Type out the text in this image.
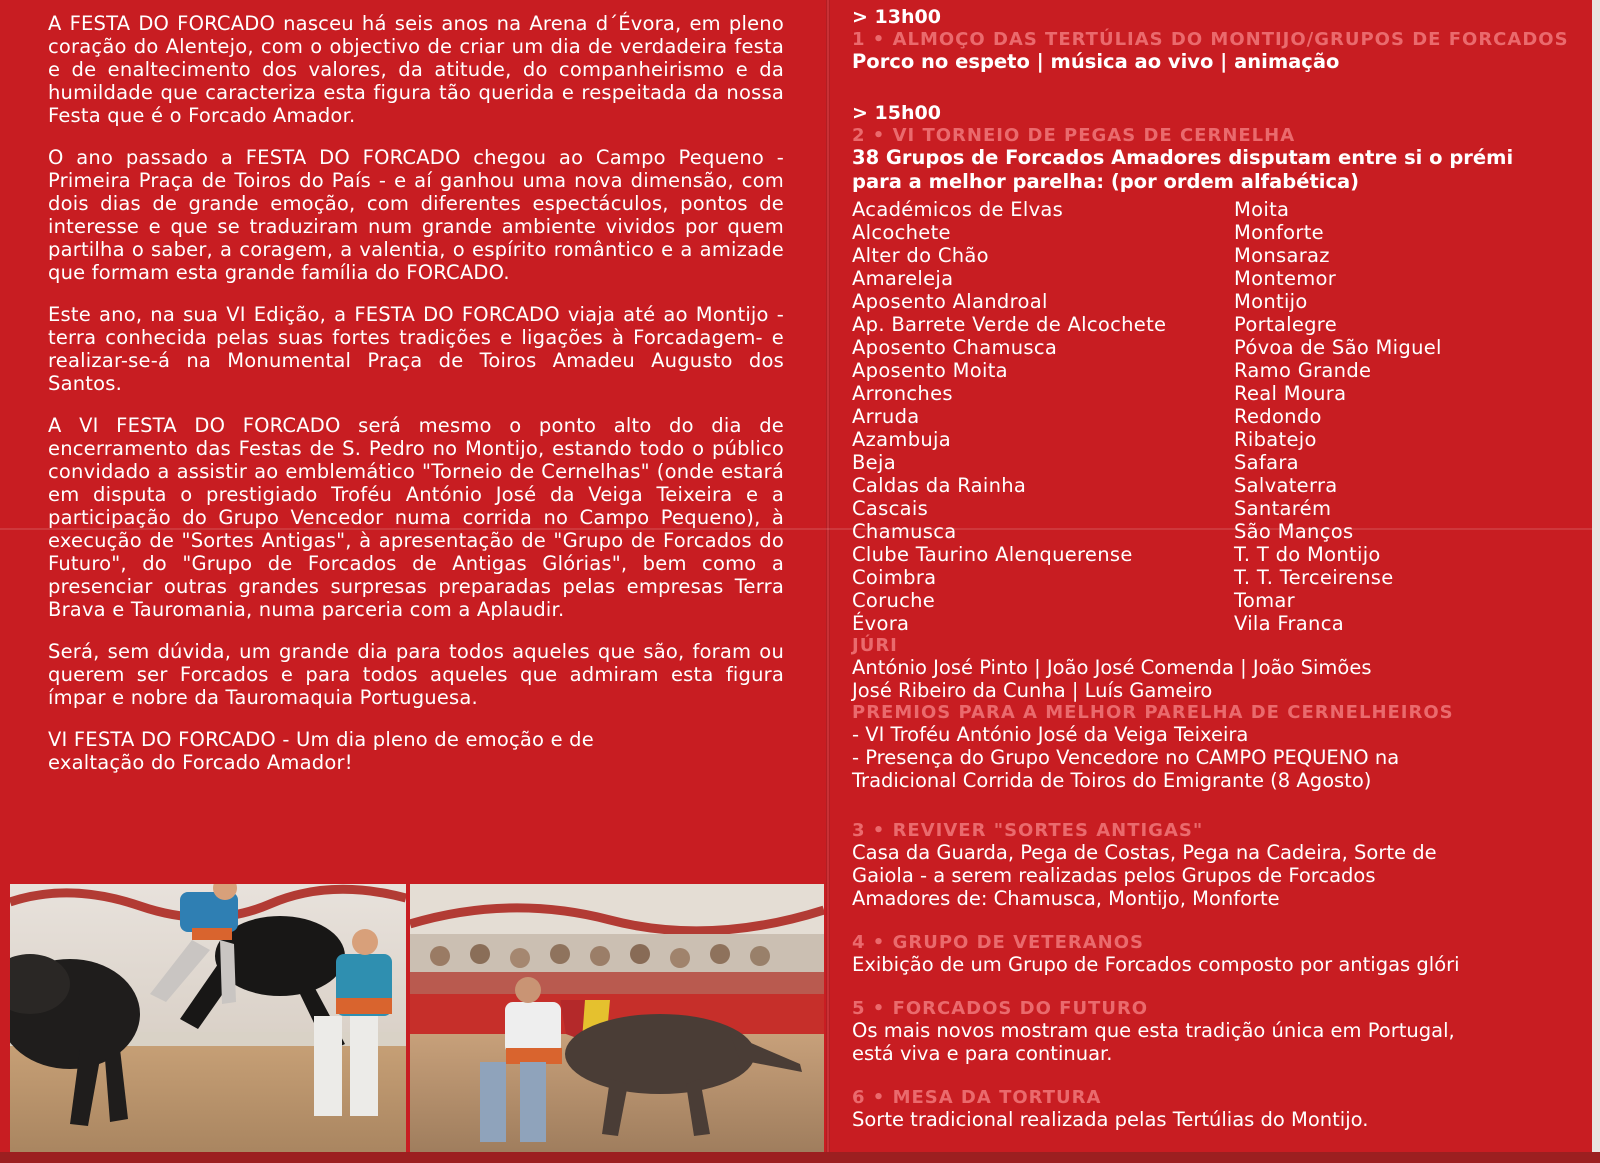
A FESTA DO FORCADO nasceu há seis anos na Arena d´Évora, em pleno coração do Alentejo, com o objectivo de criar um dia de verdadeira festa e de enaltecimento dos valores, da atitude, do companheirismo e da humildade que caracteriza esta figura tão querida e respeitada da nossa Festa que é o Forcado Amador.

O ano passado a FESTA DO FORCADO chegou ao Campo Pequeno - Primeira Praça de Toiros do País - e aí ganhou uma nova dimensão, com dois dias de grande emoção, com diferentes espectáculos, pontos de interesse e que se traduziram num grande ambiente vividos por quem partilha o saber, a coragem, a valentia, o espírito romântico e a amizade que formam esta grande família do FORCADO.

Este ano, na sua VI Edição, a FESTA DO FORCADO viaja até ao Montijo - terra conhecida pelas suas fortes tradições e ligações à Forcadagem- e realizar-se-á na Monumental Praça de Toiros Amadeu Augusto dos Santos.

A VI FESTA DO FORCADO será mesmo o ponto alto do dia de encerramento das Festas de S. Pedro no Montijo, estando todo o público convidado a assistir ao emblemático "Torneio de Cernelhas" (onde estará em disputa o prestigiado Troféu António José da Veiga Teixeira e a participação do Grupo Vencedor numa corrida no Campo Pequeno), à execução de "Sortes Antigas", à apresentação de "Grupo de Forcados do Futuro", do "Grupo de Forcados de Antigas Glórias", bem como a presenciar outras grandes surpresas preparadas pelas empresas Terra Brava e Tauromania, numa parceria com a Aplaudir.

Será, sem dúvida, um grande dia para todos aqueles que são, foram ou querem ser Forcados e para todos aqueles que admiram esta figura ímpar e nobre da Tauromaquia Portuguesa.

VI FESTA DO FORCADO - Um dia pleno de emoção e de
exaltação do Forcado Amador!

> 13h00

1 • ALMOÇO DAS TERTÚLIAS DO MONTIJO/GRUPOS DE FORCADOS

Porco no espeto | música ao vivo | animação

> 15h00

2 • VI TORNEIO DE PEGAS DE CERNELHA

38 Grupos de Forcados Amadores disputam entre si o prémi

para a melhor parelha: (por ordem alfabética)

Académicos de Elvas
Alcochete
Alter do Chão
Amareleja
Aposento Alandroal
Ap. Barrete Verde de Alcochete
Aposento Chamusca
Aposento Moita
Arronches
Arruda
Azambuja
Beja
Caldas da Rainha
Cascais
Chamusca
Clube Taurino Alenquerense
Coimbra
Coruche
Évora
Moita
Monforte
Monsaraz
Montemor
Montijo
Portalegre
Póvoa de São Miguel
Ramo Grande
Real Moura
Redondo
Ribatejo
Safara
Salvaterra
Santarém
São Manços
T. T do Montijo
T. T. Terceirense
Tomar
Vila Franca

JÚRI

António José Pinto | João José Comenda | João Simões

José Ribeiro da Cunha | Luís Gameiro

PREMIOS PARA A MELHOR PARELHA DE CERNELHEIROS

- VI Troféu António José da Veiga Teixeira

- Presença do Grupo Vencedore no CAMPO PEQUENO na

Tradicional Corrida de Toiros do Emigrante (8 Agosto)

3 • REVIVER "SORTES ANTIGAS"

Casa da Guarda, Pega de Costas, Pega na Cadeira, Sorte de

Gaiola - a serem realizadas pelos Grupos de Forcados

Amadores de: Chamusca, Montijo, Monforte

4 • GRUPO DE VETERANOS

Exibição de um Grupo de Forcados composto por antigas glóri

5 • FORCADOS DO FUTURO

Os mais novos mostram que esta tradição única em Portugal,

está viva e para continuar.

6 • MESA DA TORTURA

Sorte tradicional realizada pelas Tertúlias do Montijo.
